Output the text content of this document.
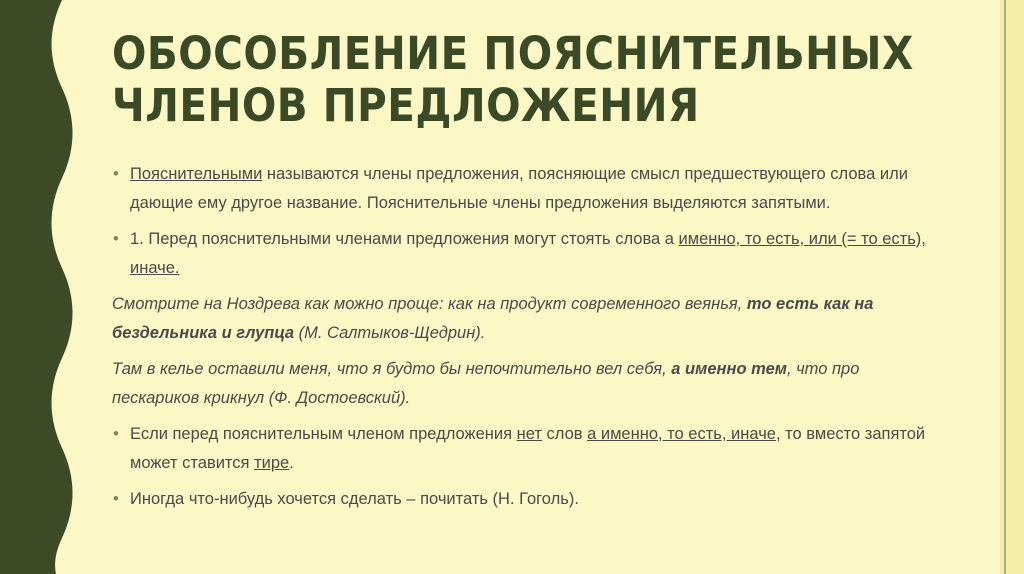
ОБОСОБЛЕНИЕ ПОЯСНИТЕЛЬНЫХ
ЧЛЕНОВ ПРЕДЛОЖЕНИЯ

• Пояснительными называются члены предложения, поясняющие смысл предшествующего слова или дающие ему другое название. Пояснительные члены предложения выделяются запятыми.

• 1. Перед пояснительными членами предложения могут стоять слова а именно, то есть, или (= то есть), иначе.

Смотрите на Ноздрева как можно проще: как на продукт современного веянья, то есть как на бездельника и глупца (М. Салтыков-Щедрин).

Там в келье оставили меня, что я будто бы непочтительно вел себя, а именно тем, что про пескариков крикнул (Ф. Достоевский).

• Если перед пояснительным членом предложения нет слов а именно, то есть, иначе, то вместо запятой может ставится тире.

• Иногда что-нибудь хочется сделать – почитать (Н. Гоголь).
